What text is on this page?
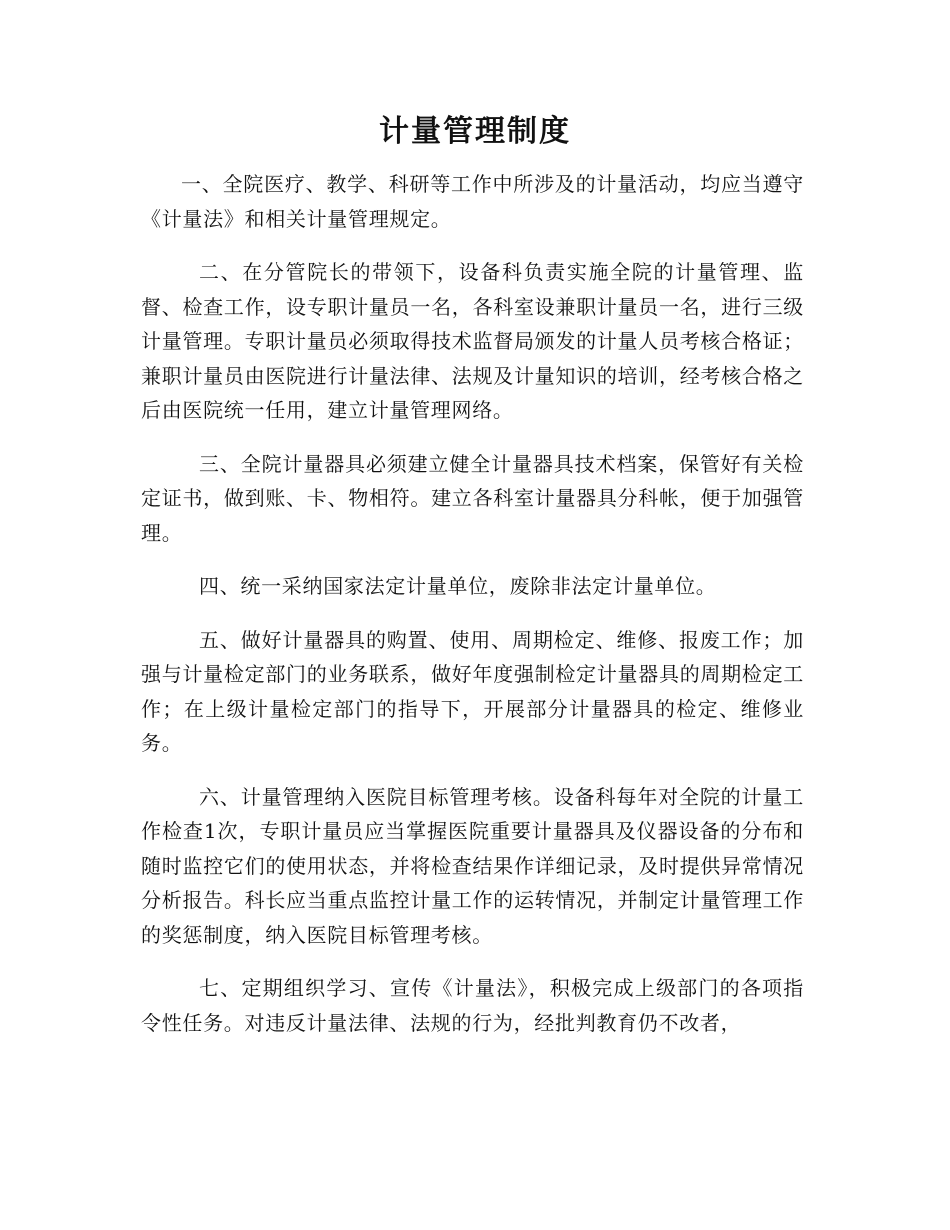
计量管理制度

一、全院医疗、教学、科研等工作中所涉及的计量活动，均应当遵守《计量法》和相关计量管理规定。

二、在分管院长的带领下，设备科负责实施全院的计量管理、监督、检查工作，设专职计量员一名，各科室设兼职计量员一名，进行三级计量管理。专职计量员必须取得技术监督局颁发的计量人员考核合格证；兼职计量员由医院进行计量法律、法规及计量知识的培训，经考核合格之后由医院统一任用，建立计量管理网络。

三、全院计量器具必须建立健全计量器具技术档案，保管好有关检定证书，做到账、卡、物相符。建立各科室计量器具分科帐，便于加强管理。

四、统一采纳国家法定计量单位，废除非法定计量单位。

五、做好计量器具的购置、使用、周期检定、维修、报废工作；加强与计量检定部门的业务联系，做好年度强制检定计量器具的周期检定工作；在上级计量检定部门的指导下，开展部分计量器具的检定、维修业务。

六、计量管理纳入医院目标管理考核。设备科每年对全院的计量工作检查1次，专职计量员应当掌握医院重要计量器具及仪器设备的分布和随时监控它们的使用状态，并将检查结果作详细记录，及时提供异常情况分析报告。科长应当重点监控计量工作的运转情况，并制定计量管理工作的奖惩制度，纳入医院目标管理考核。

七、定期组织学习、宣传《计量法》，积极完成上级部门的各项指令性任务。对违反计量法律、法规的行为，经批判教育仍不改者，
